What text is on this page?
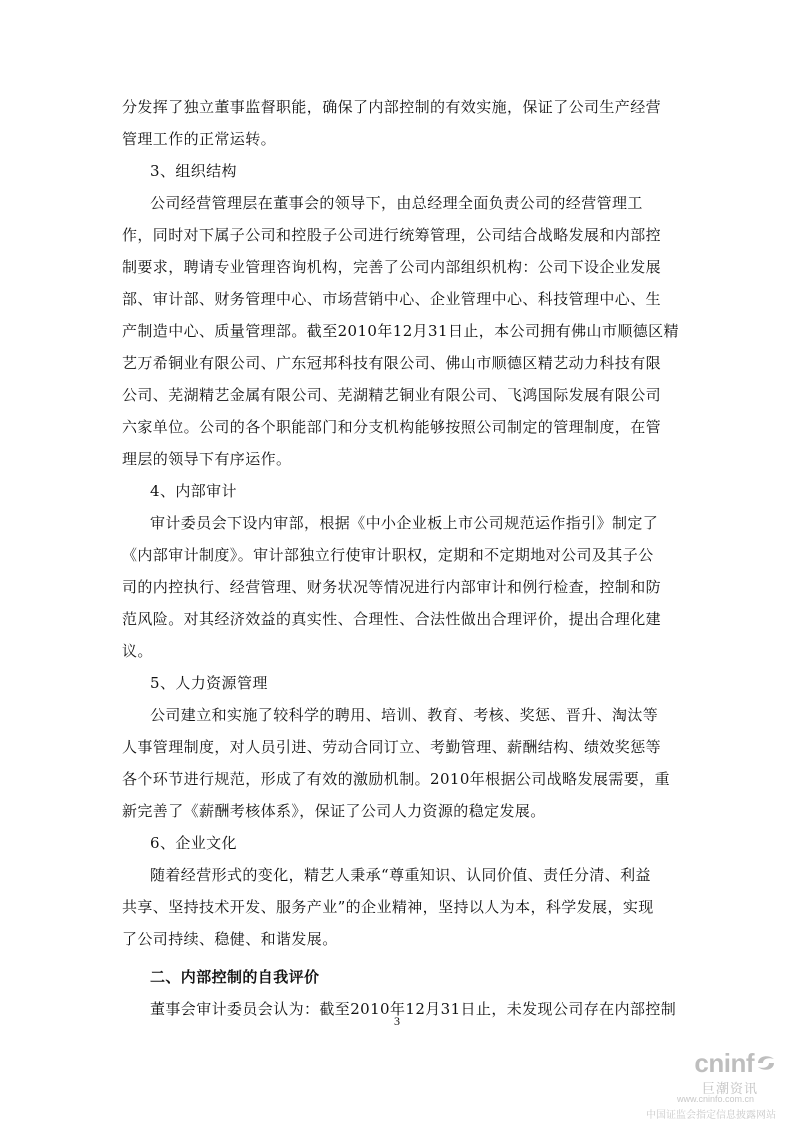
分发挥了独立董事监督职能，确保了内部控制的有效实施，保证了公司生产经营

管理工作的正常运转。

3、组织结构

公司经营管理层在董事会的领导下，由总经理全面负责公司的经营管理工

作，同时对下属子公司和控股子公司进行统筹管理，公司结合战略发展和内部控

制要求，聘请专业管理咨询机构，完善了公司内部组织机构：公司下设企业发展

部、审计部、财务管理中心、市场营销中心、企业管理中心、科技管理中心、生

产制造中心、质量管理部。截至2010年12月31日止，本公司拥有佛山市顺德区精

艺万希铜业有限公司、广东冠邦科技有限公司、佛山市顺德区精艺动力科技有限

公司、芜湖精艺金属有限公司、芜湖精艺铜业有限公司、飞鸿国际发展有限公司

六家单位。公司的各个职能部门和分支机构能够按照公司制定的管理制度，在管

理层的领导下有序运作。

4、内部审计

审计委员会下设内审部，根据《中小企业板上市公司规范运作指引》制定了

《内部审计制度》。审计部独立行使审计职权，定期和不定期地对公司及其子公

司的内控执行、经营管理、财务状况等情况进行内部审计和例行检查，控制和防

范风险。对其经济效益的真实性、合理性、合法性做出合理评价，提出合理化建

议。

5、人力资源管理

公司建立和实施了较科学的聘用、培训、教育、考核、奖惩、晋升、淘汰等

人事管理制度，对人员引进、劳动合同订立、考勤管理、薪酬结构、绩效奖惩等

各个环节进行规范，形成了有效的激励机制。2010年根据公司战略发展需要，重

新完善了《薪酬考核体系》，保证了公司人力资源的稳定发展。

6、企业文化

随着经营形式的变化，精艺人秉承“尊重知识、认同价值、责任分清、利益

共享、坚持技术开发、服务产业”的企业精神，坚持以人为本，科学发展，实现

了公司持续、稳健、和谐发展。

二、内部控制的自我评价

董事会审计委员会认为：截至2010年12月31日止，未发现公司存在内部控制

3
cninf
巨潮资讯
www.cninfo.com.cn
中国证监会指定信息披露网站
